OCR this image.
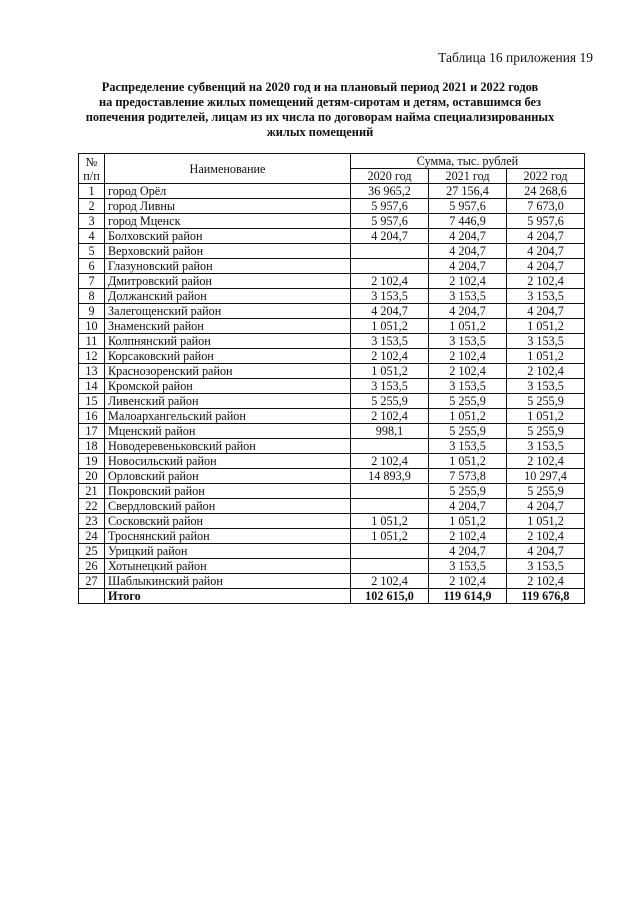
Таблица 16 приложения 19
Распределение субвенций на 2020 год и на плановый период 2021 и 2022 годов
на предоставление жилых помещений детям-сиротам и детям, оставшимся без
попечения родителей, лицам из их числа по договорам найма специализированных
жилых помещений
№
п/п	Наименование	Сумма, тыс. рублей		
		2020 год	2021 год	2022 год
1	город Орёл	36 965,2	27 156,4	24 268,6
2	город Ливны	5 957,6	5 957,6	7 673,0
3	город Мценск	5 957,6	7 446,9	5 957,6
4	Болховский район	4 204,7	4 204,7	4 204,7
5	Верховский район		4 204,7	4 204,7
6	Глазуновский район		4 204,7	4 204,7
7	Дмитровский район	2 102,4	2 102,4	2 102,4
8	Должанский район	3 153,5	3 153,5	3 153,5
9	Залегощенский район	4 204,7	4 204,7	4 204,7
10	Знаменский район	1 051,2	1 051,2	1 051,2
11	Колпнянский район	3 153,5	3 153,5	3 153,5
12	Корсаковский район	2 102,4	2 102,4	1 051,2
13	Краснозоренский район	1 051,2	2 102,4	2 102,4
14	Кромской район	3 153,5	3 153,5	3 153,5
15	Ливенский район	5 255,9	5 255,9	5 255,9
16	Малоархангельский район	2 102,4	1 051,2	1 051,2
17	Мценский район	998,1	5 255,9	5 255,9
18	Новодеревеньковский район		3 153,5	3 153,5
19	Новосильский район	2 102,4	1 051,2	2 102,4
20	Орловский район	14 893,9	7 573,8	10 297,4
21	Покровский район		5 255,9	5 255,9
22	Свердловский район		4 204,7	4 204,7
23	Сосковский район	1 051,2	1 051,2	1 051,2
24	Троснянский район	1 051,2	2 102,4	2 102,4
25	Урицкий район		4 204,7	4 204,7
26	Хотынецкий район		3 153,5	3 153,5
27	Шаблыкинский район	2 102,4	2 102,4	2 102,4
	Итого	102 615,0	119 614,9	119 676,8
